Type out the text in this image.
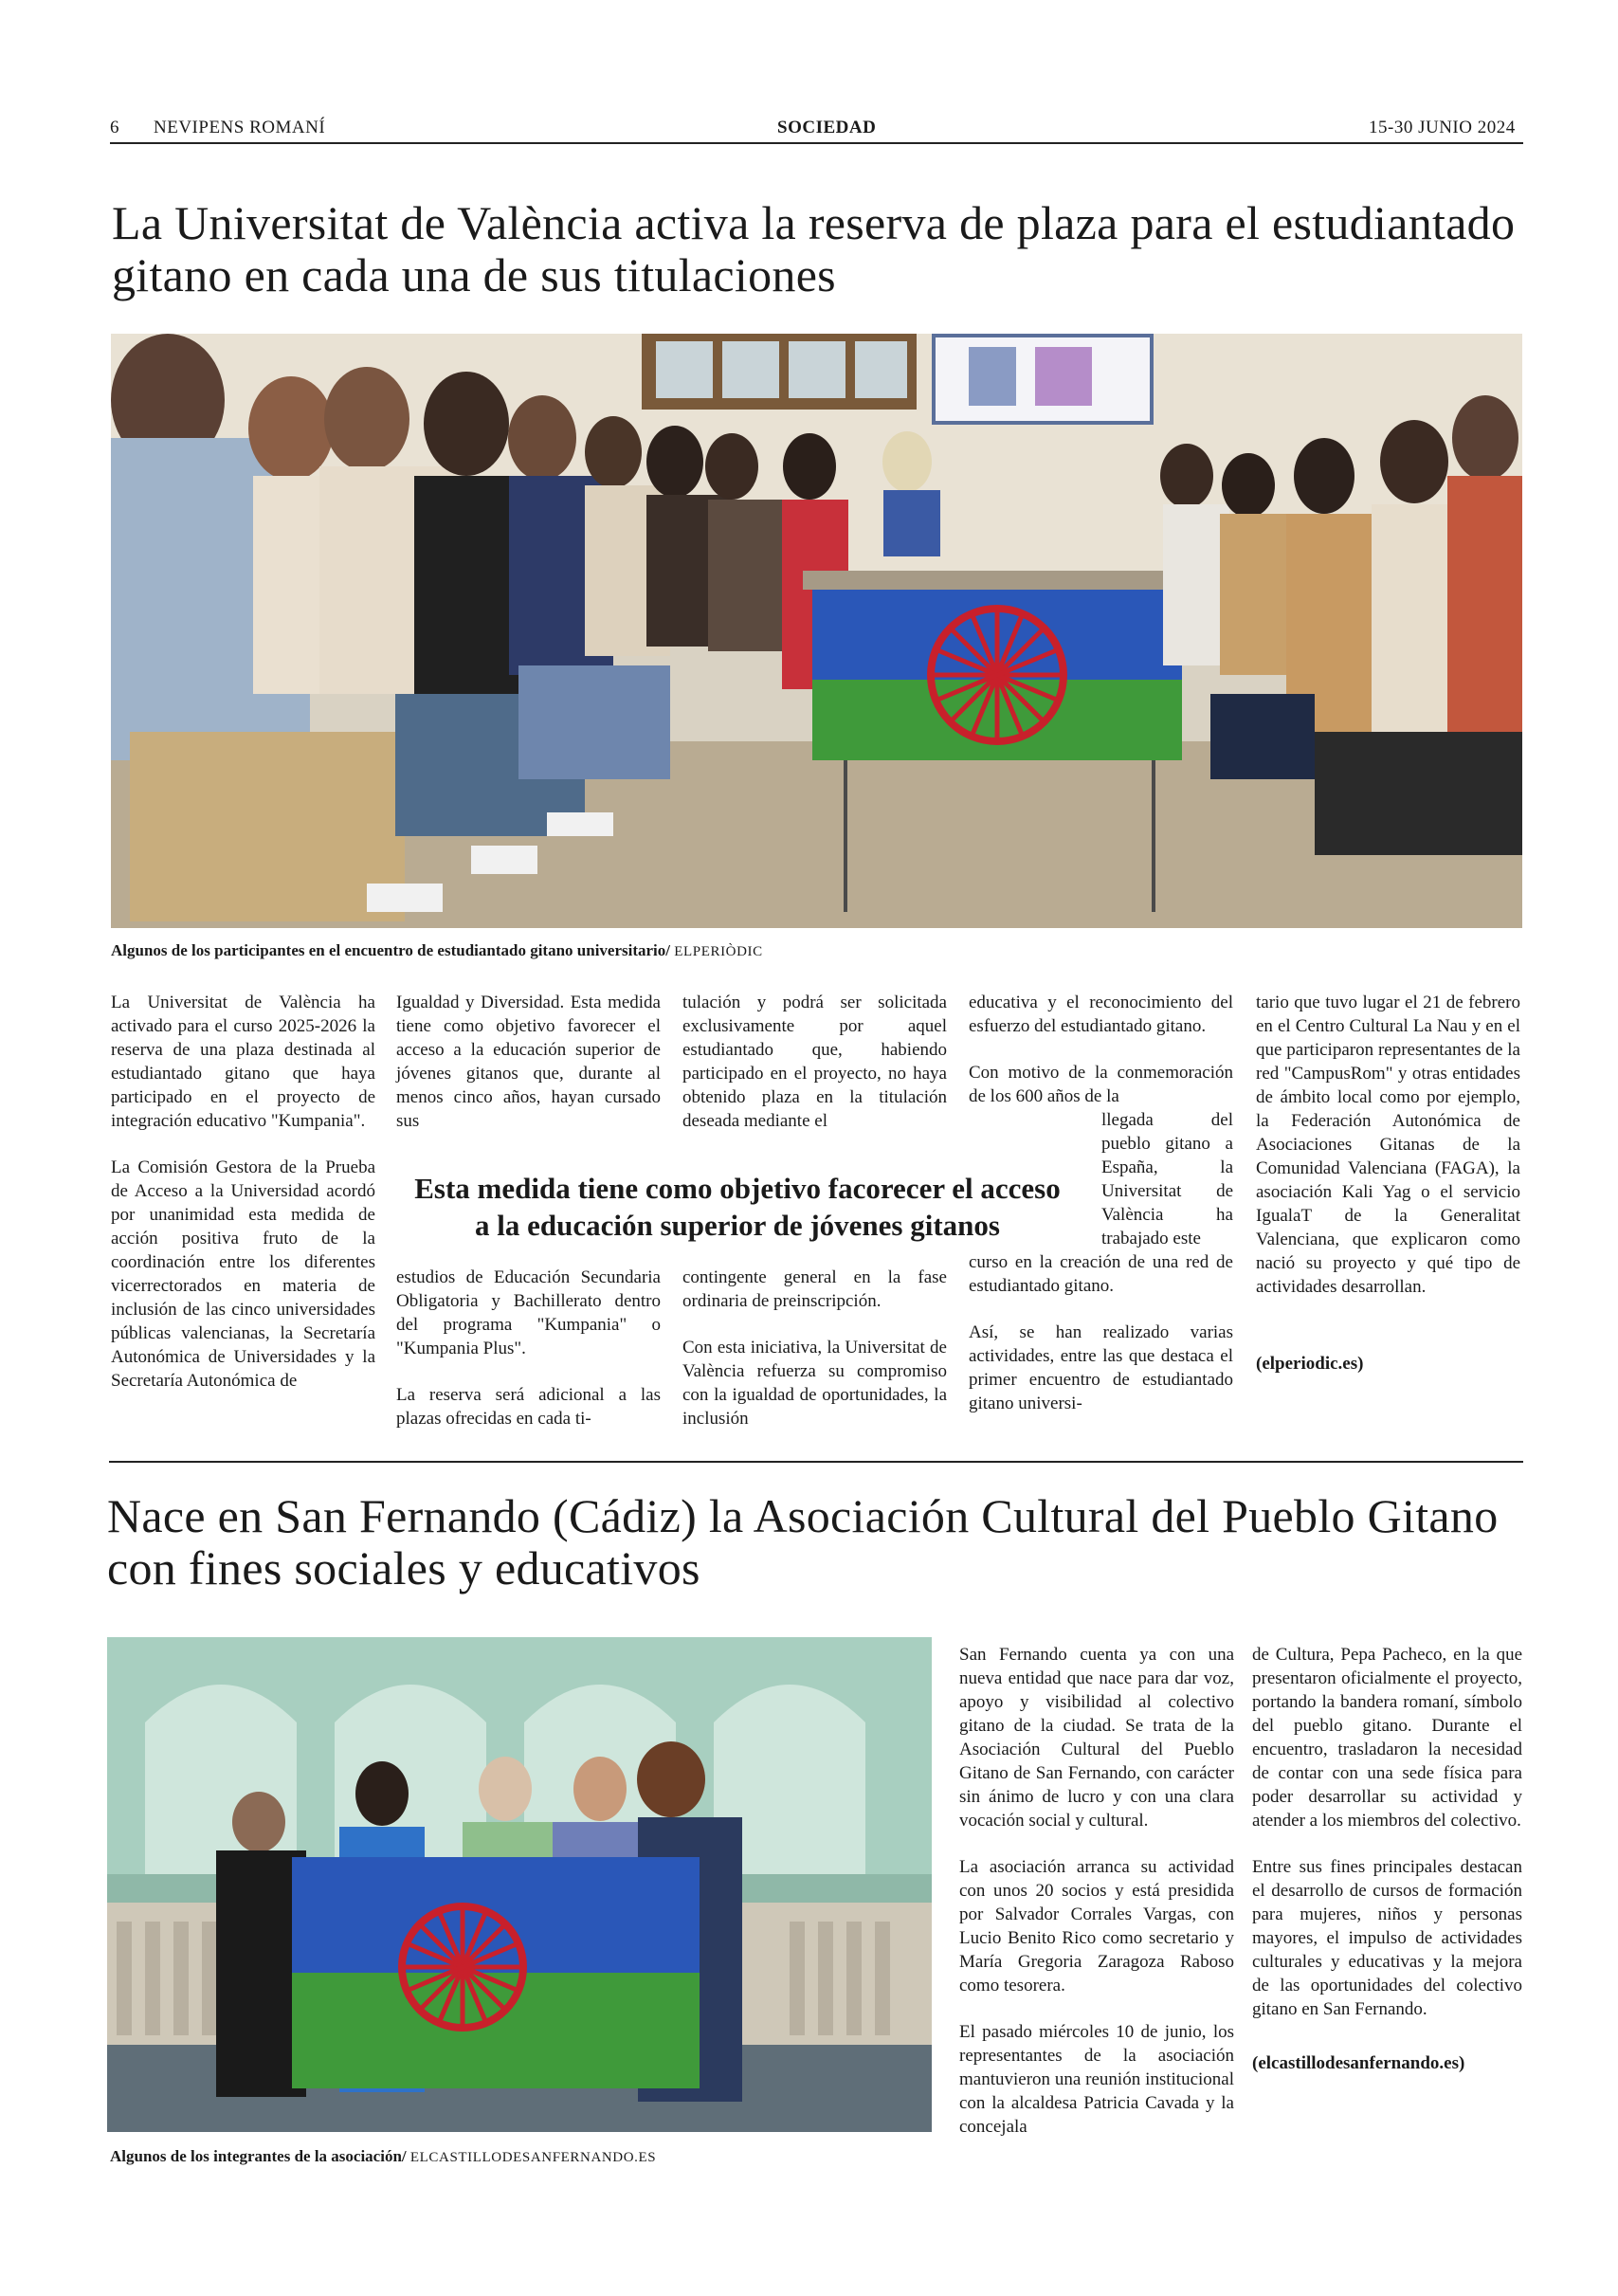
6 NEVIPENS ROMANÍ	SOCIEDAD	15-30 JUNIO 2024
La Universitat de València activa la reserva de plaza para el estudiantado
gitano en cada una de sus titulaciones
Algunos de los participantes en el encuentro de estudiantado gitano universitario/ ELPERIÒDIC

La Universitat de València ha activado para el curso 2025-2026 la reserva de una plaza destinada al estudiantado gitano que haya participado en el proyecto de integración educativo "Kumpania".

La Comisión Gestora de la Prueba de Acceso a la Universidad acordó por unanimidad esta medida de acción positiva fruto de la coordinación entre los diferentes vicerrectorados en materia de inclusión de las cinco universidades públicas valencianas, la Secretaría Autonómica de Universidades y la Secretaría Autonómica de

Igualdad y Diversidad. Esta medida tiene como objetivo favorecer el acceso a la educación superior de jóvenes gitanos que, durante al menos cinco años, hayan cursado sus

estudios de Educación Secundaria Obligatoria y Bachillerato dentro del programa "Kumpania" o "Kumpania Plus".

La reserva será adicional a las plazas ofrecidas en cada ti-

tulación y podrá ser solicitada exclusivamente por aquel estudiantado que, habiendo participado en el proyecto, no haya obtenido plaza en la titulación deseada mediante el

contingente general en la fase ordinaria de preinscripción.

Con esta iniciativa, la Universitat de València refuerza su compromiso con la igualdad de oportunidades, la inclusión

educativa y el reconocimiento del esfuerzo del estudiantado gitano.

Con motivo de la conmemoración de los 600 años de la
llegada del pueblo gitano a España, la Universitat de València ha trabajado este

curso en la creación de una red de estudiantado gitano.

Así, se han realizado varias actividades, entre las que destaca el primer encuentro de estudiantado gitano universi-

tario que tuvo lugar el 21 de febrero en el Centro Cultural La Nau y en el que participaron representantes de la red "CampusRom" y otras entidades de ámbito local como por ejemplo, la Federación Autonómica de Asociaciones Gitanas de la Comunidad Valenciana (FAGA), la asociación Kali Yag o el servicio IgualaT de la Generalitat Valenciana, que explicaron como nació su proyecto y qué tipo de actividades desarrollan.

(elperiodic.es)
Esta medida tiene como objetivo facorecer el acceso a la educación superior de jóvenes gitanos
Nace en San Fernando (Cádiz) la Asociación Cultural del Pueblo Gitano
con fines sociales y educativos
Algunos de los integrantes de la asociación/ ELCASTILLODESANFERNANDO.ES

San Fernando cuenta ya con una nueva entidad que nace para dar voz, apoyo y visibilidad al colectivo gitano de la ciudad. Se trata de la Asociación Cultural del Pueblo Gitano de San Fernando, con carácter sin ánimo de lucro y con una clara vocación social y cultural.

La asociación arranca su actividad con unos 20 socios y está presidida por Salvador Corrales Vargas, con Lucio Benito Rico como secretario y María Gregoria Zaragoza Raboso como tesorera.

El pasado miércoles 10 de junio, los representantes de la asociación mantuvieron una reunión institucional con la alcaldesa Patricia Cavada y la concejala

de Cultura, Pepa Pacheco, en la que presentaron oficialmente el proyecto, portando la bandera romaní, símbolo del pueblo gitano. Durante el encuentro, trasladaron la necesidad de contar con una sede física para poder desarrollar su actividad y atender a los miembros del colectivo.

Entre sus fines principales destacan el desarrollo de cursos de formación para mujeres, niños y personas mayores, el impulso de actividades culturales y educativas y la mejora de las oportunidades del colectivo gitano en San Fernando.

(elcastillodesanfernando.es)
